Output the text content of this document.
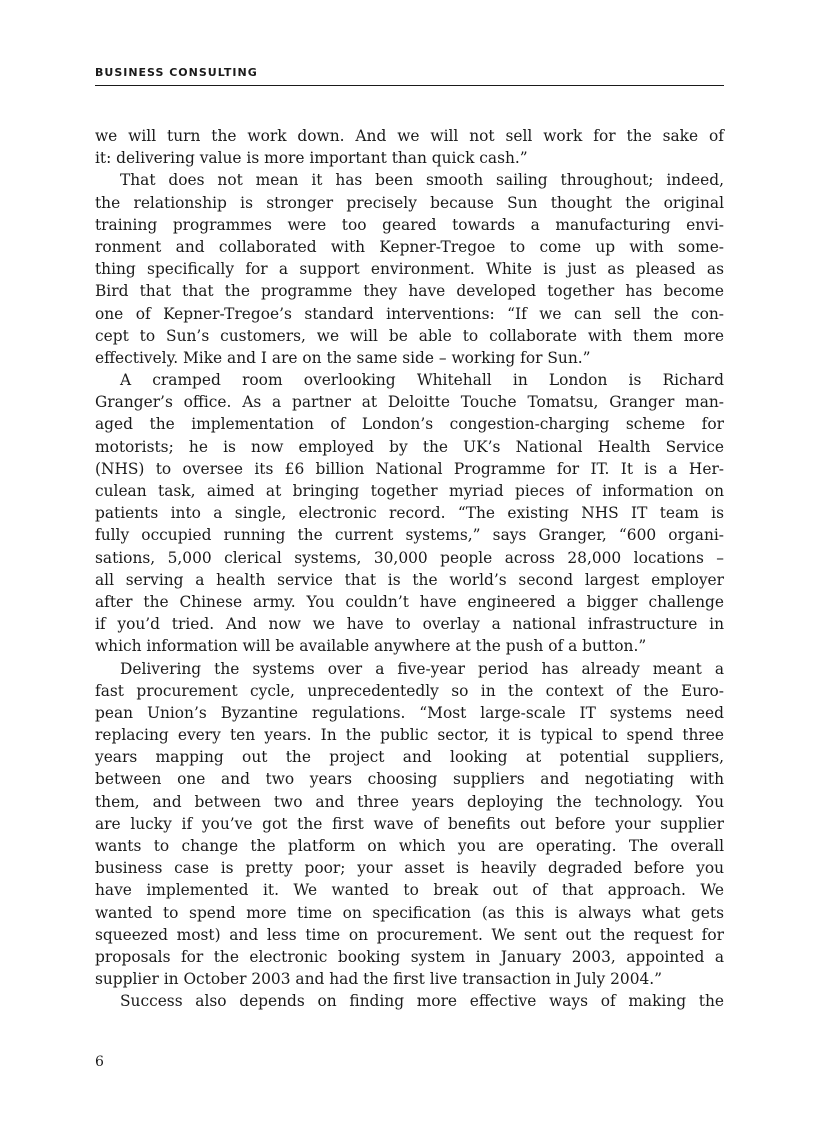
BUSINESS CONSULTING
we will turn the work down. And we will not sell work for the sake of
it: delivering value is more important than quick cash.”
That does not mean it has been smooth sailing throughout; indeed,
the relationship is stronger precisely because Sun thought the original
training programmes were too geared towards a manufacturing envi-
ronment and collaborated with Kepner-Tregoe to come up with some-
thing specifically for a support environment. White is just as pleased as
Bird that that the programme they have developed together has become
one of Kepner-Tregoe’s standard interventions: “If we can sell the con-
cept to Sun’s customers, we will be able to collaborate with them more
effectively. Mike and I are on the same side – working for Sun.”
A cramped room overlooking Whitehall in London is Richard
Granger’s office. As a partner at Deloitte Touche Tomatsu, Granger man-
aged the implementation of London’s congestion-charging scheme for
motorists; he is now employed by the UK’s National Health Service
(NHS) to oversee its £6 billion National Programme for IT. It is a Her-
culean task, aimed at bringing together myriad pieces of information on
patients into a single, electronic record. “The existing NHS IT team is
fully occupied running the current systems,” says Granger, “600 organi-
sations, 5,000 clerical systems, 30,000 people across 28,000 locations –
all serving a health service that is the world’s second largest employer
after the Chinese army. You couldn’t have engineered a bigger challenge
if you’d tried. And now we have to overlay a national infrastructure in
which information will be available anywhere at the push of a button.”
Delivering the systems over a five-year period has already meant a
fast procurement cycle, unprecedentedly so in the context of the Euro-
pean Union’s Byzantine regulations. “Most large-scale IT systems need
replacing every ten years. In the public sector, it is typical to spend three
years mapping out the project and looking at potential suppliers,
between one and two years choosing suppliers and negotiating with
them, and between two and three years deploying the technology. You
are lucky if you’ve got the first wave of benefits out before your supplier
wants to change the platform on which you are operating. The overall
business case is pretty poor; your asset is heavily degraded before you
have implemented it. We wanted to break out of that approach. We
wanted to spend more time on specification (as this is always what gets
squeezed most) and less time on procurement. We sent out the request for
proposals for the electronic booking system in January 2003, appointed a
supplier in October 2003 and had the first live transaction in July 2004.”
Success also depends on finding more effective ways of making the
6
